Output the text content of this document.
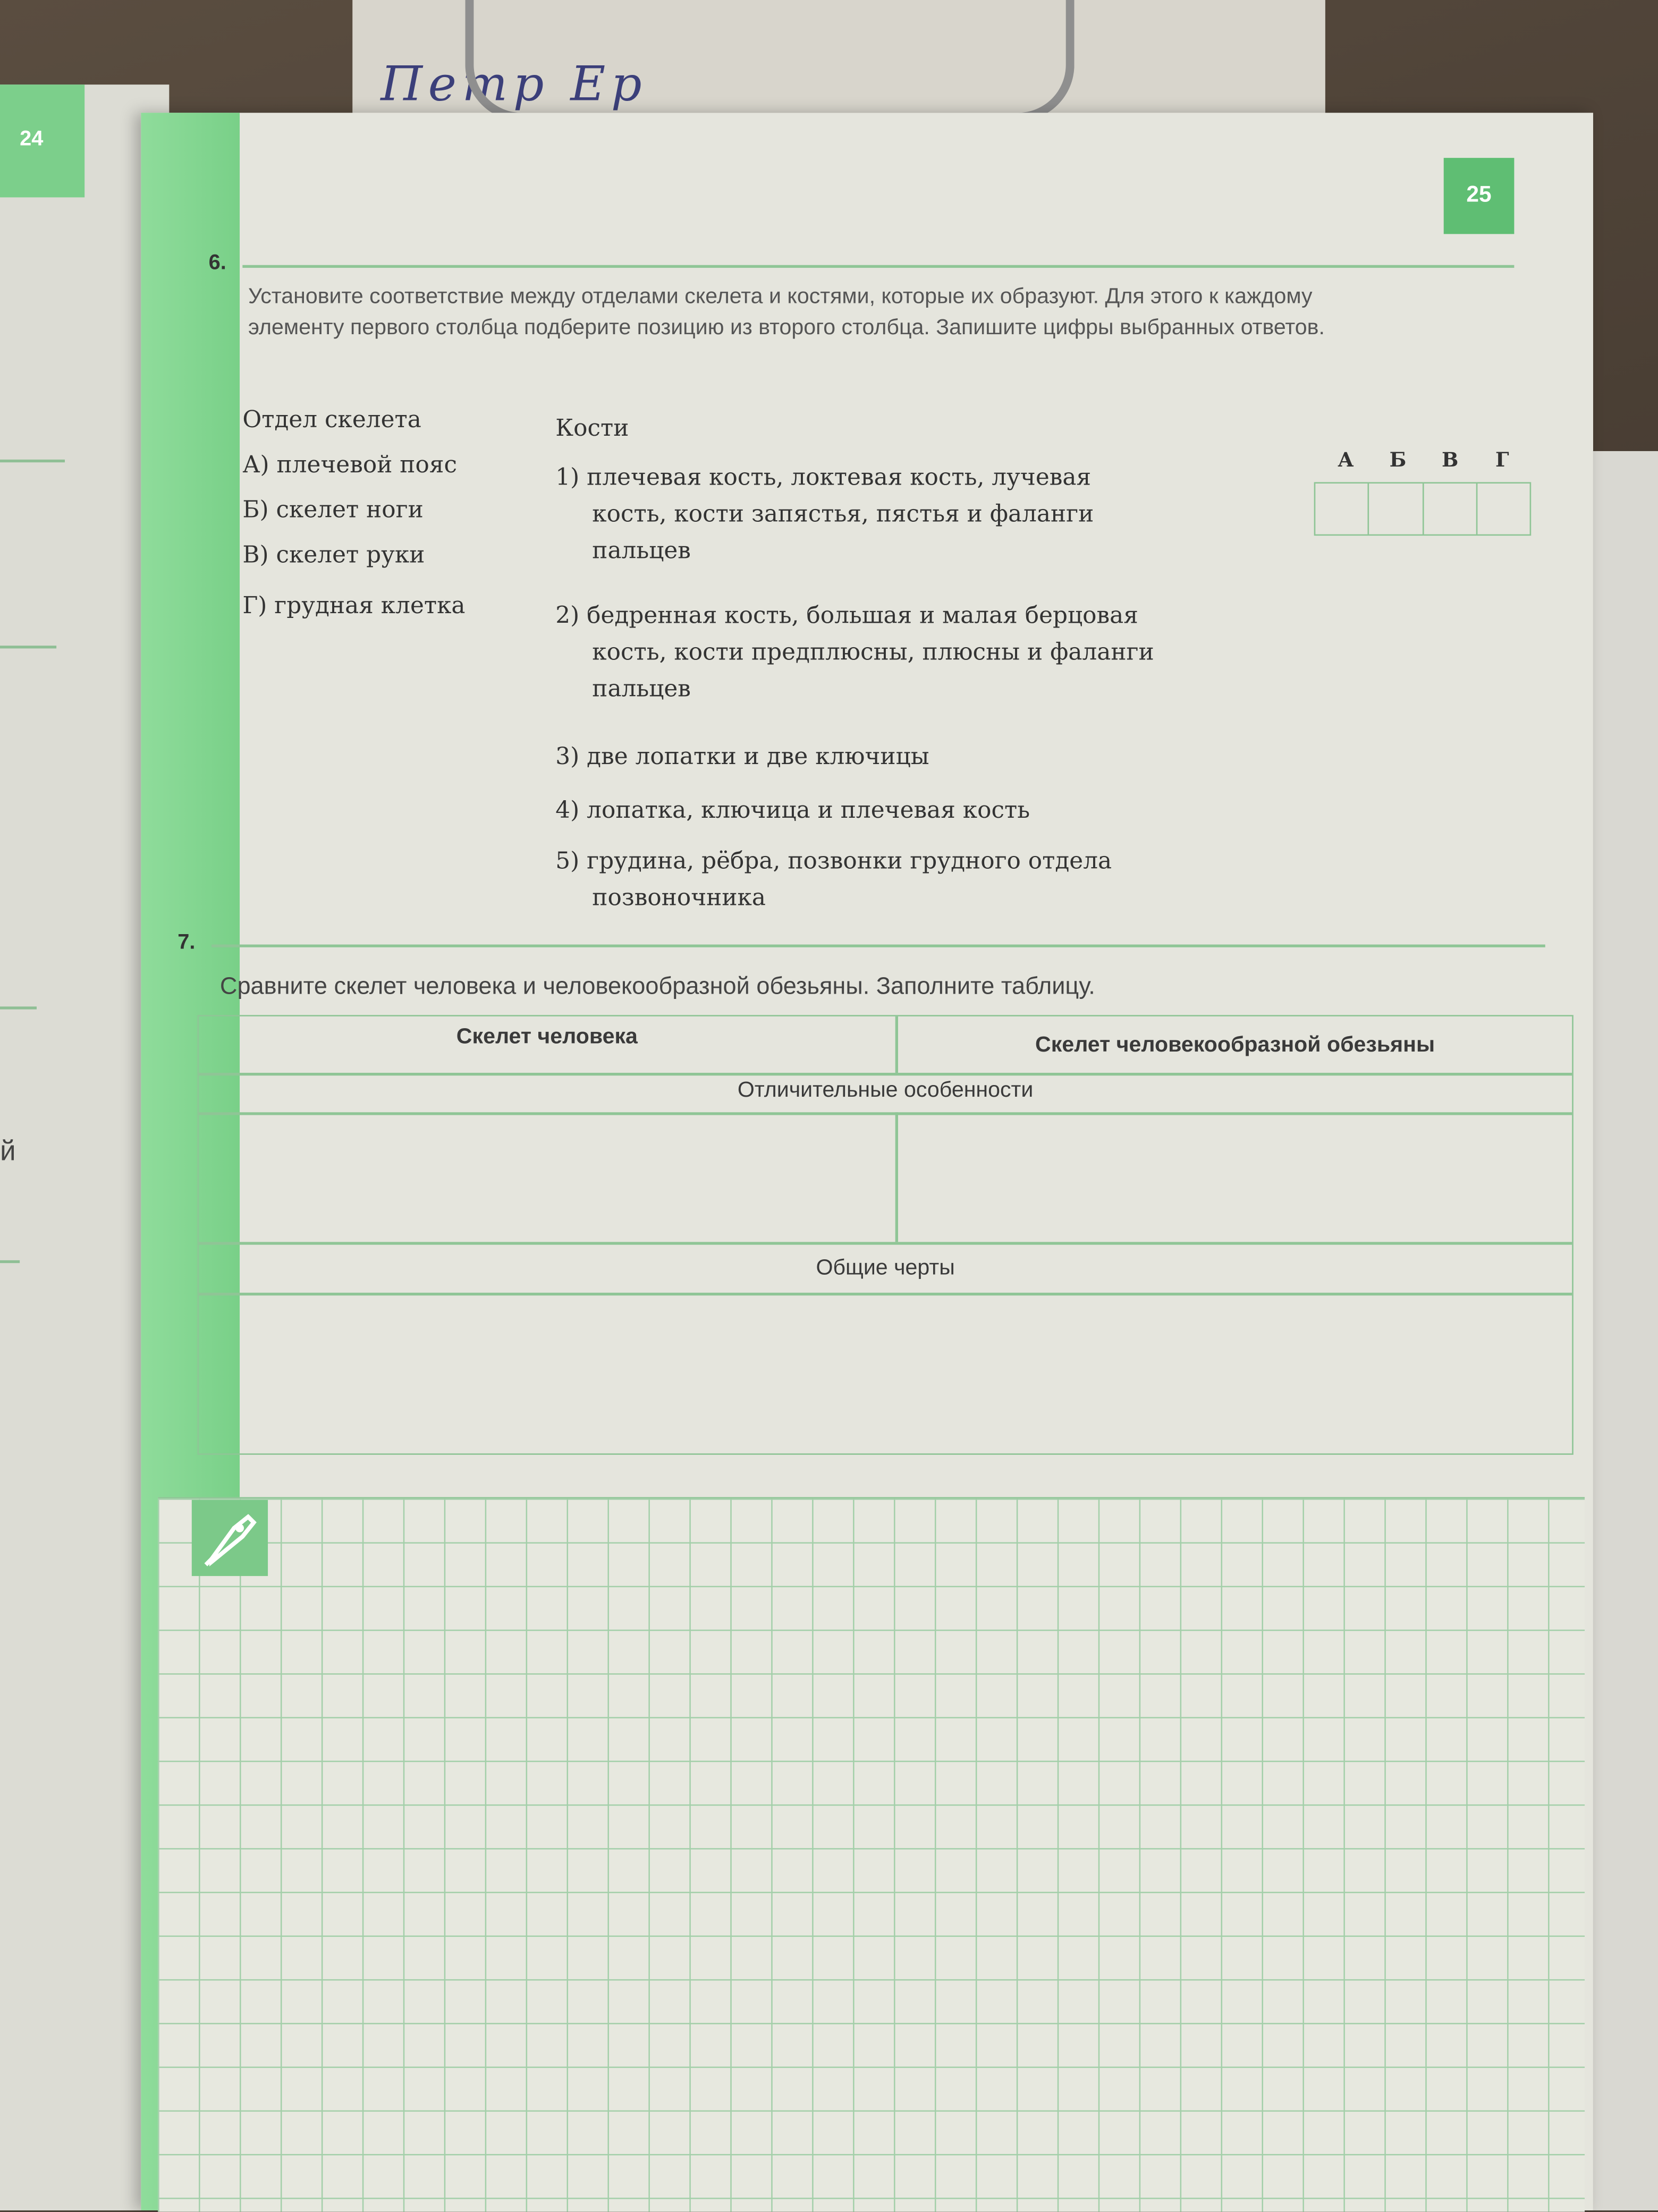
Петр Ер
24
й
25
6.
Установите соответствие между отделами скелета и костями, которые их образуют. Для этого к каждому элементу первого столбца подберите позицию из второго столбца. Запишите цифры выбранных ответов.
Отдел скелета	Кости
А) плечевой пояс
Б) скелет ноги
В) скелет руки
Г) грудная клетка
1) плечевая кость, локтевая кость, лучевая
кость, кости запястья, пястья и фаланги
пальцев
2) бедренная кость, большая и малая берцовая
кость, кости предплюсны, плюсны и фаланги
пальцев
3) две лопатки и две ключицы
4) лопатка, ключица и плечевая кость
5) грудина, рёбра, позвонки грудного отдела
позвоночника
А	Б	В	Г
7.
Сравните скелет человека и человекообразной обезьяны. Заполните таблицу.
Скелет человека	Скелет человекообразной обезьяны
Отличительные особенности
Общие черты
